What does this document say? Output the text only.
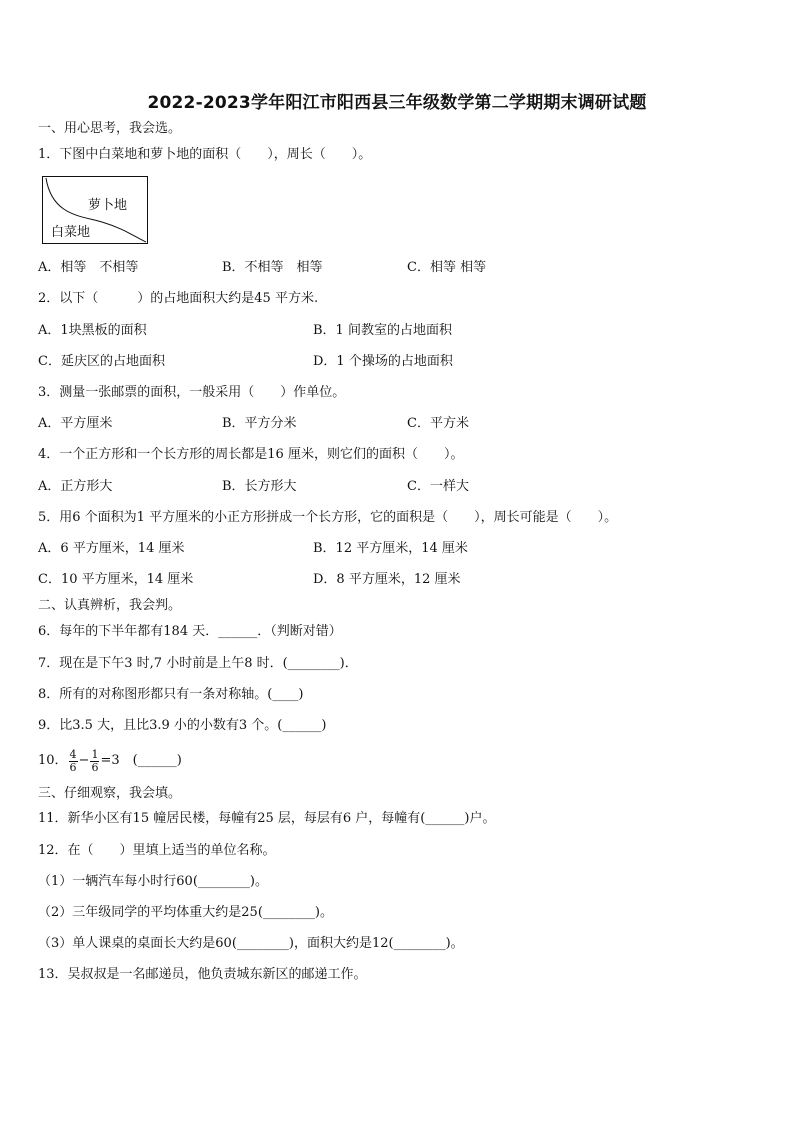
2022-2023学年阳江市阳西县三年级数学第二学期期末调研试题
一、用心思考，我会选。
1．下图中白菜地和萝卜地的面积（　　），周长（　　）。
萝卜地
白菜地
A．相等　不相等	B．不相等　相等	C．相等 相等
2．以下（　　　）的占地面积大约是45 平方米.
A．1块黑板的面积	B．1 间教室的占地面积
C．延庆区的占地面积	D．1 个操场的占地面积
3．测量一张邮票的面积，一般采用（　　）作单位。
A．平方厘米	B．平方分米	C．平方米
4．一个正方形和一个长方形的周长都是16 厘米，则它们的面积（　　）。
A．正方形大	B．长方形大	C．一样大
5．用6 个面积为1 平方厘米的小正方形拼成一个长方形，它的面积是（　　），周长可能是（　　）。
A．6 平方厘米，14 厘米	B．12 平方厘米，14 厘米
C．10 平方厘米，14 厘米	D．8 平方厘米，12 厘米
二、认真辨析，我会判。
6．每年的下半年都有184 天．______．（判断对错）
7．现在是下午3 时,7 小时前是上午8 时．(________)．
8．所有的对称图形都只有一条对称轴。(____)
9．比3.5 大，且比3.9 小的小数有3 个。(______)
10． $\frac{4}{6} - \frac{1}{6} =3$　(______)
三、仔细观察，我会填。
11．新华小区有15 幢居民楼，每幢有25 层，每层有6 户，每幢有(______)户。
12．在（　　）里填上适当的单位名称。
（1）一辆汽车每小时行60(________)。
（2）三年级同学的平均体重大约是25(________)。
（3）单人课桌的桌面长大约是60(________)，面积大约是12(________)。
13．吴叔叔是一名邮递员，他负责城东新区的邮递工作。
